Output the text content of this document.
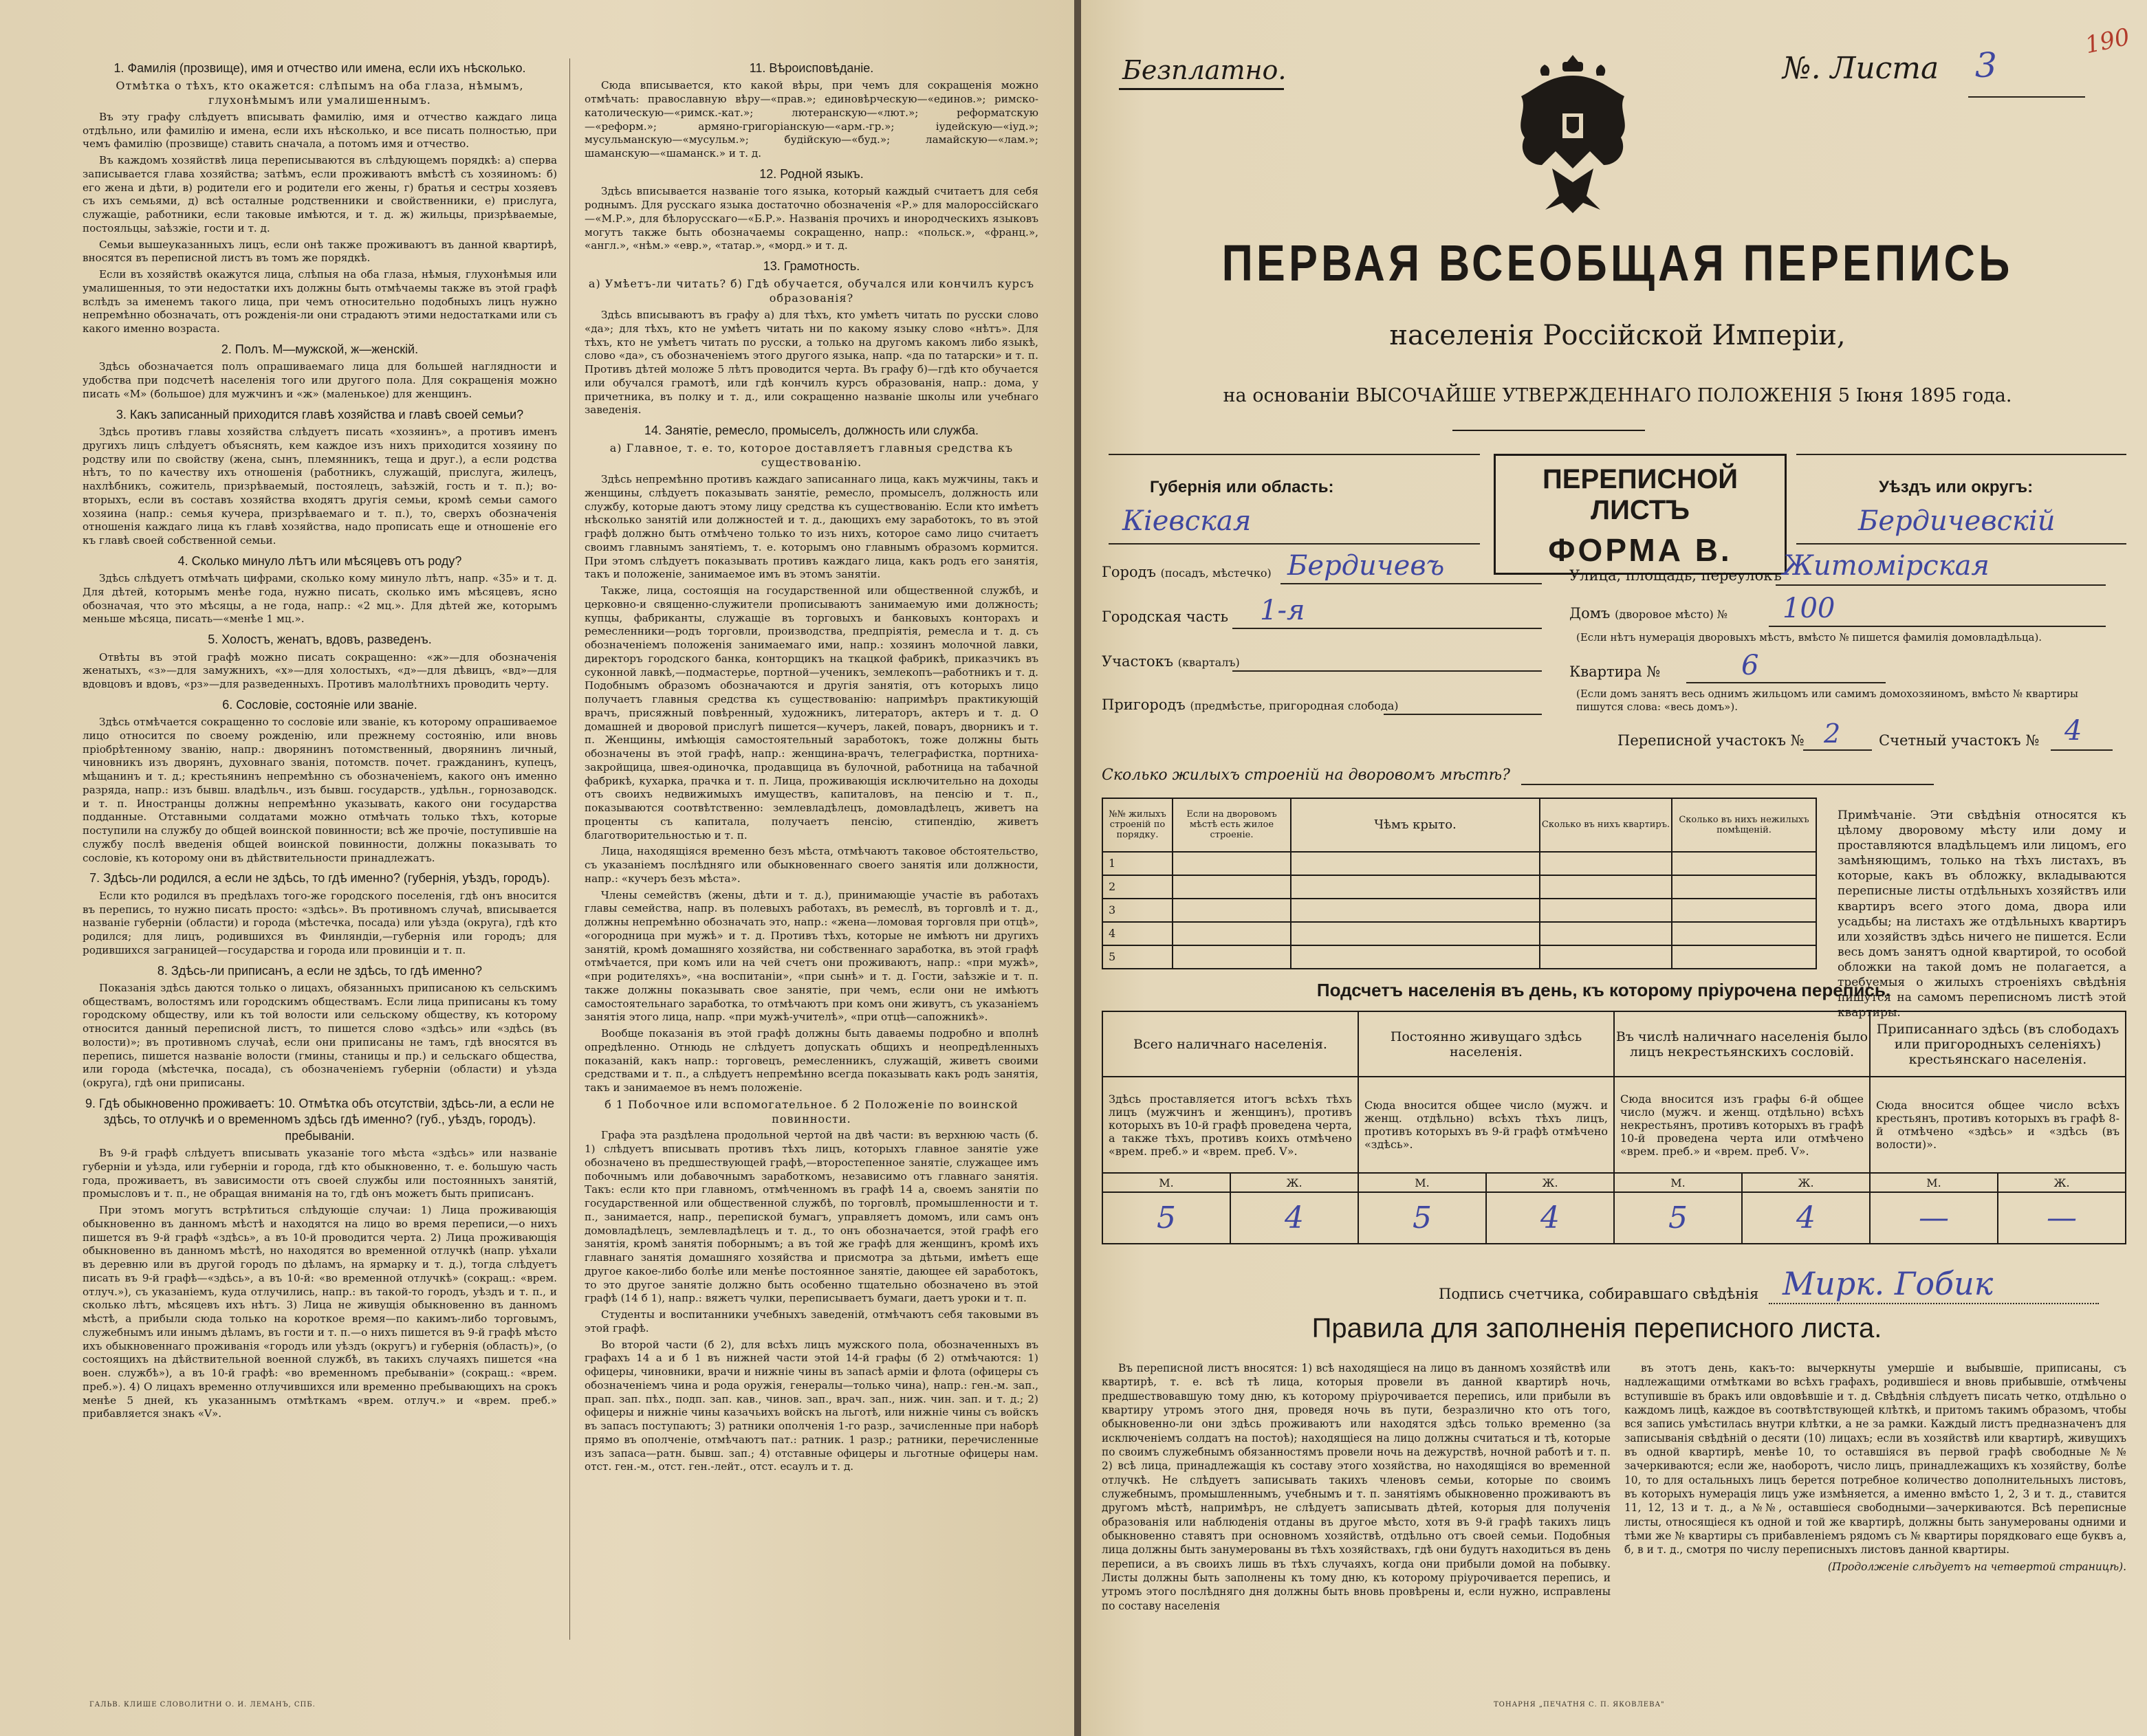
1. Фамилія (прозвище), имя и отчество или имена, если ихъ нѣсколько.
Отмѣтка о тѣхъ, кто окажется: слѣпымъ на оба глаза, нѣмымъ, глухонѣмымъ или умалишеннымъ.
Въ эту графу слѣдуетъ вписывать фамилію, имя и отчество каждаго лица отдѣльно, или фамилію и имена, если ихъ нѣсколько, и все писать полностью, при чемъ фамилію (прозвище) ставить сначала, а потомъ имя и отчество.
Въ каждомъ хозяйствѣ лица переписываются въ слѣдующемъ порядкѣ: а) сперва записывается глава хозяйства; затѣмъ, если проживаютъ вмѣстѣ съ хозяиномъ: б) его жена и дѣти, в) родители его и родители его жены, г) братья и сестры хозяевъ съ ихъ семьями, д) всѣ осталные родственники и свойственники, е) прислуга, служащіе, работники, если таковые имѣются, и т. д. ж) жильцы, призрѣваемые, постояльцы, заѣзжіе, гости и т. д.
Семьи вышеуказанныхъ лицъ, если онѣ также проживаютъ въ данной квартирѣ, вносятся въ переписной листъ въ томъ же порядкѣ.
Если въ хозяйствѣ окажутся лица, слѣпыя на оба глаза, нѣмыя, глухонѣмыя или умалишенныя, то эти недостатки ихъ должны быть отмѣчаемы также въ этой графѣ вслѣдъ за именемъ такого лица, при чемъ относительно подобныхъ лицъ нужно непремѣнно обозначать, отъ рожденія-ли они страдаютъ этими недостатками или съ какого именно возраста.
2. Полъ. М—мужской, ж—женскій.
Здѣсь обозначается полъ опрашиваемаго лица для большей наглядности и удобства при подсчетѣ населенія того или другого пола. Для сокращенія можно писать «М» (большое) для мужчинъ и «ж» (маленькое) для женщинъ.
3. Какъ записанный приходится главѣ хозяйства и главѣ своей семьи?
Здѣсь противъ главы хозяйства слѣдуетъ писать «хозяинъ», а противъ именъ другихъ лицъ слѣдуетъ объяснять, кем каждое изъ нихъ приходится хозяину по родству или по свойству (жена, сынъ, племянникъ, теща и друг.), а если родства нѣтъ, то по качеству ихъ отношенія (работникъ, служащій, прислуга, жилецъ, нахлѣбникъ, сожитель, призрѣваемый, постоялецъ, заѣзжій, гость и т. п.); во-вторыхъ, если въ составъ хозяйства входятъ другія семьи, кромѣ семьи самого хозяина (напр.: семья кучера, призрѣваемаго и т. п.), то, сверхъ обозначенія отношенія каждаго лица къ главѣ хозяйства, надо прописать еще и отношеніе его къ главѣ своей собственной семьи.
4. Сколько минуло лѣтъ или мѣсяцевъ отъ роду?
Здѣсь слѣдуетъ отмѣчать цифрами, сколько кому минуло лѣтъ, напр. «35» и т. д. Для дѣтей, которымъ менѣе года, нужно писать, сколько имъ мѣсяцевъ, ясно обозначая, что это мѣсяцы, а не года, напр.: «2 мц.». Для дѣтей же, которымъ меньше мѣсяца, писать—«менѣе 1 мц.».
5. Холостъ, женатъ, вдовъ, разведенъ.
Отвѣты въ этой графѣ можно писать сокращенно: «ж»—для обозначенія женатыхъ, «з»—для замужнихъ, «х»—для холостыхъ, «д»—для дѣвицъ, «вд»—для вдовцовъ и вдовъ, «рз»—для разведенныхъ. Противъ малолѣтнихъ проводить черту.
6. Сословіе, состояніе или званіе.
Здѣсь отмѣчается сокращенно то сословіе или званіе, къ которому опрашиваемое лицо относится по своему рожденію, или прежнему состоянію, или вновь пріобрѣтенному званію, напр.: дворянинъ потомственный, дворянинъ личный, чиновникъ изъ дворянъ, духовнаго званія, потомств. почет. гражданинъ, купецъ, мѣщанинъ и т. д.; крестьянинъ непремѣнно съ обозначеніемъ, какого онъ именно разряда, напр.: изъ бывш. владѣльч., изъ бывш. государств., удѣльн., горнозаводск. и т. п. Иностранцы должны непремѣнно указывать, какого они государства подданные. Отставными солдатами можно отмѣчать только тѣхъ, которые поступили на службу до общей воинской повинности; всѣ же прочіе, поступившіе на службу послѣ введенія общей воинской повинности, должны показывать то сословіе, къ которому они въ дѣйствительности принадлежатъ.
7. Здѣсь-ли родился, а если не здѣсь, то гдѣ именно? (губернія, уѣздъ, городъ).
Если кто родился въ предѣлахъ того-же городского поселенія, гдѣ онъ вносится въ перепись, то нужно писать просто: «здѣсь». Въ противномъ случаѣ, вписывается названіе губерніи (области) и города (мѣстечка, посада) или уѣзда (округа), гдѣ кто родился; для лицъ, родившихся въ Финляндіи,—губернія или городъ; для родившихся заграницей—государства и города или провинціи и т. п.
8. Здѣсь-ли приписанъ, а если не здѣсь, то гдѣ именно?
Показанія здѣсь даются только о лицахъ, обязанныхъ приписаною къ сельскимъ обществамъ, волостямъ или городскимъ обществамъ. Если лица приписаны къ тому городскому обществу, или къ той волости или сельскому обществу, къ которому относится данный переписной листъ, то пишется слово «здѣсь» или «здѣсь (въ волости)»; въ противномъ случаѣ, если они приписаны не тамъ, гдѣ вносятся въ перепись, пишется названіе волости (гмины, станицы и пр.) и сельскаго общества, или города (мѣстечка, посада), съ обозначеніемъ губерніи (области) и уѣзда (округа), гдѣ они приписаны.
9. Гдѣ обыкновенно проживаетъ: 10. Отмѣтка объ отсутствіи, здѣсь-ли, а если не здѣсь, то отлучкѣ и о временномъ здѣсь гдѣ именно? (губ., уѣздъ, городъ). пребываніи.
Въ 9-й графѣ слѣдуетъ вписывать указаніе того мѣста «здѣсь» или названіе губерніи и уѣзда, или губерніи и города, гдѣ кто обыкновенно, т. е. большую часть года, проживаетъ, въ зависимости отъ своей службы или постоянныхъ занятій, промысловъ и т. п., не обращая вниманія на то, гдѣ онъ можетъ быть приписанъ.
При этомъ могутъ встрѣтиться слѣдующіе случаи: 1) Лица проживающія обыкновенно въ данномъ мѣстѣ и находятся на лицо во время переписи,—о нихъ пишется въ 9-й графѣ «здѣсь», а въ 10-й проводится черта. 2) Лица проживающія обыкновенно въ данномъ мѣстѣ, но находятся во временной отлучкѣ (напр. уѣхали въ деревню или въ другой городъ по дѣламъ, на ярмарку и т. д.), тогда слѣдуетъ писать въ 9-й графѣ—«здѣсь», а въ 10-й: «во временной отлучкѣ» (сокращ.: «врем. отлуч.»), съ указаніемъ, куда отлучились, напр.: въ такой-то городъ, уѣздъ и т. п., и сколько лѣтъ, мѣсяцевъ ихъ нѣтъ. 3) Лица не живущія обыкновенно въ данномъ мѣстѣ, а прибыли сюда только на короткое время—по какимъ-либо торговымъ, служебнымъ или инымъ дѣламъ, въ гости и т. п.—о нихъ пишется въ 9-й графѣ мѣсто ихъ обыкновеннаго проживанія «городъ или уѣздъ (округъ) и губернія (область)», (о состоящихъ на дѣйствительной военной службѣ, въ такихъ случаяхъ пишется «на воен. службѣ»), а въ 10-й графѣ: «во временномъ пребываніи» (сокращ.: «врем. преб.»). 4) О лицахъ временно отлучившихся или временно пребывающихъ на срокъ менѣе 5 дней, къ указаннымъ отмѣткамъ «врем. отлуч.» и «врем. преб.» прибавляется знакъ «V».
11. Вѣроисповѣданіе.
Сюда вписывается, кто какой вѣры, при чемъ для сокращенія можно отмѣчать: православную вѣру—«прав.»; единовѣрческую—«единов.»; римско-католическую—«римск.-кат.»; лютеранскую—«лют.»; реформатскую—«реформ.»; армяно-григоріанскую—«арм.-гр.»; іудейскую—«іуд.»; мусульманскую—«мусульм.»; будійскую—«буд.»; ламайскую—«лам.»; шаманскую—«шаманск.» и т. д.
12. Родной языкъ.
Здѣсь вписывается названіе того языка, который каждый считаетъ для себя роднымъ. Для русскаго языка достаточно обозначенія «Р.» для малороссійскаго—«М.Р.», для бѣлорусскаго—«Б.Р.». Названія прочихъ и инородческихъ языковъ могутъ также быть обозначаемы сокращенно, напр.: «польск.», «франц.», «англ.», «нѣм.» «евр.», «татар.», «морд.» и т. д.
13. Грамотность.
а) Умѣетъ-ли читать? б) Гдѣ обучается, обучался или кончилъ курсъ образованія?
Здѣсь вписываютъ въ графу а) для тѣхъ, кто умѣетъ читать по русски слово «да»; для тѣхъ, кто не умѣетъ читать ни по какому языку слово «нѣтъ». Для тѣхъ, кто не умѣетъ читать по русски, а только на другомъ какомъ либо языкѣ, слово «да», съ обозначеніемъ этого другого языка, напр. «да по татарски» и т. п. Противъ дѣтей моложе 5 лѣтъ проводится черта. Въ графу б)—гдѣ кто обучается или обучался грамотѣ, или гдѣ кончилъ курсъ образованія, напр.: дома, у причетника, въ полку и т. д., или сокращенно названіе школы или учебнаго заведенія.
14. Занятіе, ремесло, промыселъ, должность или служба.
а) Главное, т. е. то, которое доставляетъ главныя средства къ существованію.
Здѣсь непремѣнно противъ каждаго записаннаго лица, какъ мужчины, такъ и женщины, слѣдуетъ показывать занятіе, ремесло, промыселъ, должность или службу, которые даютъ этому лицу средства къ существованію. Если кто имѣетъ нѣсколько занятій или должностей и т. д., дающихъ ему заработокъ, то въ этой графѣ должно быть отмѣчено только то изъ нихъ, которое само лицо считаетъ своимъ главнымъ занятіемъ, т. е. которымъ оно главнымъ образомъ кормится. При этомъ слѣдуетъ показывать противъ каждаго лица, какъ родъ его занятія, такъ и положеніе, занимаемое имъ въ этомъ занятіи.
Также, лица, состоящія на государственной или общественной службѣ, и церковно-и священно-служители прописываютъ занимаемую ими должность; купцы, фабриканты, служащіе въ торговыхъ и банковыхъ конторахъ и ремесленники—родъ торговли, производства, предпріятія, ремесла и т. д. съ обозначеніемъ положенія занимаемаго ими, напр.: хозяинъ молочной лавки, директоръ городского банка, конторщикъ на ткацкой фабрикѣ, приказчикъ въ суконной лавкѣ,—подмастерье, портной—ученикъ, землекопъ—работникъ и т. д. Подобнымъ образомъ обозначаются и другія занятія, отъ которыхъ лицо получаетъ главныя средства къ существованію: напримѣръ практикующій врачъ, присяжный повѣренный, художникъ, литераторъ, актеръ и т. д. О домашней и дворовой прислугѣ пишется—кучеръ, лакей, поваръ, дворникъ и т. п. Женщины, имѣющія самостоятельный заработокъ, тоже должны быть обозначены въ этой графѣ, напр.: женщина-врачъ, телеграфистка, портниха-закройщица, швея-одиночка, продавщица въ булочной, работница на табачной фабрикѣ, кухарка, прачка и т. п. Лица, проживающія исключительно на доходы отъ своихъ недвижимыхъ имуществъ, капиталовъ, на пенсію и т. п., показываются соотвѣтственно: землевладѣлецъ, домовладѣлецъ, живетъ на проценты съ капитала, получаетъ пенсію, стипендію, живетъ благотворительностью и т. п.
Лица, находящіяся временно безъ мѣста, отмѣчаютъ таковое обстоятельство, съ указаніемъ послѣдняго или обыкновеннаго своего занятія или должности, напр.: «кучеръ безъ мѣста».
Члены семействъ (жены, дѣти и т. д.), принимающіе участіе въ работахъ главы семейства, напр. въ полевыхъ работахъ, въ ремеслѣ, въ торговлѣ и т. д., должны непремѣнно обозначать это, напр.: «жена—ломовая торговля при отцѣ», «огородница при мужѣ» и т. д. Противъ тѣхъ, которые не имѣютъ ни другихъ занятій, кромѣ домашняго хозяйства, ни собственнаго заработка, въ этой графѣ отмѣчается, при комъ или на чей счетъ они проживаютъ, напр.: «при мужѣ», «при родителяхъ», «на воспитаніи», «при сынѣ» и т. д. Гости, заѣзжіе и т. п. также должны показывать свое занятіе, при чемъ, если они не имѣютъ самостоятельнаго заработка, то отмѣчаютъ при комъ они живутъ, съ указаніемъ занятія этого лица, напр. «при мужѣ-учителѣ», «при отцѣ—сапожникѣ».
Вообще показанія въ этой графѣ должны быть даваемы подробно и вполнѣ опредѣленно. Отнюдь не слѣдуетъ допускать общихъ и неопредѣленныхъ показаній, какъ напр.: торговецъ, ремесленникъ, служащій, живетъ своими средствами и т. п., а слѣдуетъ непремѣнно всегда показывать какъ родъ занятія, такъ и занимаемое въ немъ положеніе.
б 1 Побочное или вспомогательное. б 2 Положеніе по воинской повинности.
Графа эта раздѣлена продольной чертой на двѣ части: въ верхнюю часть (б. 1) слѣдуетъ вписывать противъ тѣхъ лицъ, которыхъ главное занятіе уже обозначено въ предшествующей графѣ,—второстепенное занятіе, служащее имъ побочнымъ или добавочнымъ заработкомъ, независимо отъ главнаго занятія. Такъ: если кто при главномъ, отмѣченномъ въ графѣ 14 а, своемъ занятіи по государственной или общественной службѣ, по торговлѣ, промышленности и т. п., занимается, напр., перепиской бумагъ, управляетъ домомъ, или самъ онъ домовладѣлецъ, землевладѣлецъ и т. д., то онъ обозначается, этой графѣ его занятія, кромѣ занятія поборнымъ; а въ той же графѣ для женщинъ, кромѣ ихъ главнаго занятія домашняго хозяйства и присмотра за дѣтьми, имѣетъ еще другое какое-либо болѣе или менѣе постоянное занятіе, дающее ей заработокъ, то это другое занятіе должно быть особенно тщательно обозначено въ этой графѣ (14 б 1), напр.: вяжетъ чулки, переписываетъ бумаги, даетъ уроки и т. п.
Студенты и воспитанники учебныхъ заведеній, отмѣчаютъ себя таковыми въ этой графѣ.
Во второй части (б 2), для всѣхъ лицъ мужского пола, обозначенныхъ въ графахъ 14 а и б 1 въ нижней части этой 14-й графы (б 2) отмѣчаются: 1) офицеры, чиновники, врачи и нижніе чины въ запасѣ арміи и флота (офицеры съ обозначеніемъ чина и рода оружія, генералы—только чина), напр.: ген.-м. зап., прап. зап. пѣх., подп. зап. кав., чинов. зап., врач. зап., ниж. чин. зап. и т. д.; 2) офицеры и нижніе чины казачьихъ войскъ на льготѣ, или нижніе чины съ войскъ въ запасъ поступаютъ; 3) ратники ополченія 1-го разр., зачисленные при наборѣ прямо въ ополченіе, отмѣчаютъ пат.: ратник. 1 разр.; ратники, перечисленные изъ запаса—ратн. бывш. зап.; 4) отставные офицеры и льготные офицеры нам. отст. ген.-м., отст. ген.-лейт., отст. есаулъ и т. д.
ГАЛЬВ. КЛИШЕ СЛОВОЛИТНИ О. И. ЛЕМАНЪ, СПБ.
Безплатно.	№. Листа 3
190
ПЕРВАЯ ВСЕОБЩАЯ ПЕРЕПИСЬ
населенія Россійской Имперіи,
на основаніи ВЫСОЧАЙШЕ УТВЕРЖДЕННАГО ПОЛОЖЕНІЯ 5 Іюня 1895 года.
Губернія или область:
Кіевская
ПЕРЕПИСНОЙ ЛИСТЪ
ФОРМА В.
Уѣздъ или округъ:
Бердичевскій
Городъ (посадъ, мѣстечко) Бердичевъ	Улица, площадь, переулокъ Житомірская
Городская часть 1-я	Домъ (дворовое мѣсто) № 100
(Если нѣтъ нумерація дворовыхъ мѣстъ, вмѣсто № пишется фамилія домовладѣльца).
Участокъ (кварталъ)
Квартира №	6
(Если домъ занятъ весь однимъ жильцомъ или самимъ домохозяиномъ, вмѣсто № квартиры пишутся слова: «весь домъ»).
Пригородъ (предмѣстье, пригородная слобода)
Переписной участокъ № 2	Счетный участокъ № 4
Сколько жилыхъ строеній на дворовомъ мѣстѣ?
№№ жилыхъ строеній по порядку.	Если на дворовомъ мѣстѣ есть жилое строеніе.	Чѣмъ крыто.	Сколько въ нихъ квартиръ.	Сколько въ нихъ нежилыхъ помѣщеній.
1				
2				
3				
4				
5				
Примѣчаніе. Эти свѣдѣнія относятся къ цѣлому дворовому мѣсту или дому и проставляются владѣльцемъ или лицомъ, его замѣняющимъ, только на тѣхъ листахъ, въ которые, какъ въ обложку, вкладываются переписные листы отдѣльныхъ хозяйствъ или квартиръ всего этого дома, двора или усадьбы; на листахъ же отдѣльныхъ квартиръ или хозяйствъ здѣсь ничего не пишется. Если весь домъ занятъ одной квартирой, то особой обложки на такой домъ не полагается, а требуемыя о жилыхъ строеніяхъ свѣдѣнія пишутся на самомъ переписномъ листѣ этой квартиры.
Подсчетъ населенія въ день, къ которому пріурочена перепись.
Всего наличнаго населенія.		Постоянно живущаго здѣсь населенія.		Въ числѣ наличнаго населенія было лицъ некрестьянскихъ сословій.		Приписаннаго здѣсь (въ слободахъ или пригородныхъ селеніяхъ) крестьянскаго населенія.	
Здѣсь проставляется итогъ всѣхъ тѣхъ лицъ (мужчинъ и женщинъ), противъ которыхъ въ 10-й графѣ проведена черта, а также тѣхъ, противъ коихъ отмѣчено «врем. преб.» и «врем. преб. V».		Сюда вносится общее число (мужч. и женщ. отдѣльно) всѣхъ тѣхъ лицъ, противъ которыхъ въ 9-й графѣ отмѣчено «здѣсь».		Сюда вносится изъ графы 6-й общее число (мужч. и женщ. отдѣльно) всѣхъ некрестьянъ, противъ которыхъ въ графѣ 10-й проведена черта или отмѣчено «врем. преб.» и «врем. преб. V».		Сюда вносится общее число всѣхъ крестьянъ, противъ которыхъ въ графѣ 8-й отмѣчено «здѣсь» и «здѣсь (въ волости)».	
М.	Ж.	М.	Ж.	М.	Ж.	М.	Ж.
5	4	5	4	5	4	—	—
Подпись счетчика, собиравшаго свѣдѣнія Мирк. Гобик
Правила для заполненія переписного листа.
Въ переписной листъ вносятся: 1) всѣ находящіеся на лицо въ данномъ хозяйствѣ или квартирѣ, т. е. всѣ тѣ лица, которыя провели въ данной квартирѣ ночь, предшествовавшую тому дню, къ которому пріурочивается перепись, или прибыли въ квартиру утромъ этого дня, проведя ночь въ пути, безразлично кто отъ того, обыкновенно-ли они здѣсь проживаютъ или находятся здѣсь только временно (за исключеніемъ солдатъ на постоѣ); находящіеся на лицо должны считаться и тѣ, которые по своимъ служебнымъ обязанностямъ провели ночь на дежурствѣ, ночной работѣ и т. п. 2) всѣ лица, принадлежащія къ составу этого хозяйства, но находящіяся во временной отлучкѣ. Не слѣдуетъ записывать такихъ членовъ семьи, которые по своимъ служебнымъ, промышленнымъ, учебнымъ и т. п. занятіямъ обыкновенно проживаютъ въ другомъ мѣстѣ, напримѣръ, не слѣдуетъ записывать дѣтей, которыя для полученія образованія или наблюденія отданы въ другое мѣсто, хотя въ 9-й графѣ такихъ лицъ обыкновенно ставятъ при основномъ хозяйствѣ, отдѣльно отъ своей семьи. Подобныя лица должны быть занумерованы въ тѣхъ хозяйствахъ, гдѣ они будутъ находиться въ день переписи, а въ своихъ лишь въ тѣхъ случаяхъ, когда они прибыли домой на побывку. Листы должны быть заполнены къ тому дню, къ которому пріурочивается перепись, и утромъ этого послѣдняго дня должны быть вновь провѣрены и, если нужно, исправлены по составу населенія
въ этотъ день, какъ-то: вычеркнуты умершіе и выбывшіе, приписаны, съ надлежащими отмѣтками во всѣхъ графахъ, родившіеся и вновь прибывшіе, отмѣчены вступившіе въ бракъ или овдовѣвшіе и т. д. Свѣдѣнія слѣдуетъ писать четко, отдѣльно о каждомъ лицѣ, каждое въ соотвѣтствующей клѣткѣ, и притомъ такимъ образомъ, чтобы вся запись умѣстилась внутри клѣтки, а не за рамки. Каждый листъ предназначенъ для записыванія свѣдѣній о десяти (10) лицахъ; если въ хозяйствѣ или квартирѣ, живущихъ въ одной квартирѣ, менѣе 10, то оставшіяся въ первой графѣ свободные №№ зачеркиваются; если же, наоборотъ, число лицъ, принадлежащихъ къ хозяйству, болѣе 10, то для остальныхъ лицъ берется потребное количество дополнительныхъ листовъ, въ которыхъ нумерація лицъ уже измѣняется, а именно вмѣсто 1, 2, 3 и т. д., ставится 11, 12, 13 и т. д., а №№, оставшіеся свободными—зачеркиваются. Всѣ переписные листы, относящіеся къ одной и той же квартирѣ, должны быть занумерованы одними и тѣми же № квартиры съ прибавленіемъ рядомъ съ № квартиры порядковаго еще буквъ а, б, в и т. д., смотря по числу переписныхъ листовъ данной квартиры.
(Продолженіе слѣдуетъ на четвертой страницѣ).
ТОНАРНЯ „ПЕЧАТНЯ С. П. ЯКОВЛЕВА"
